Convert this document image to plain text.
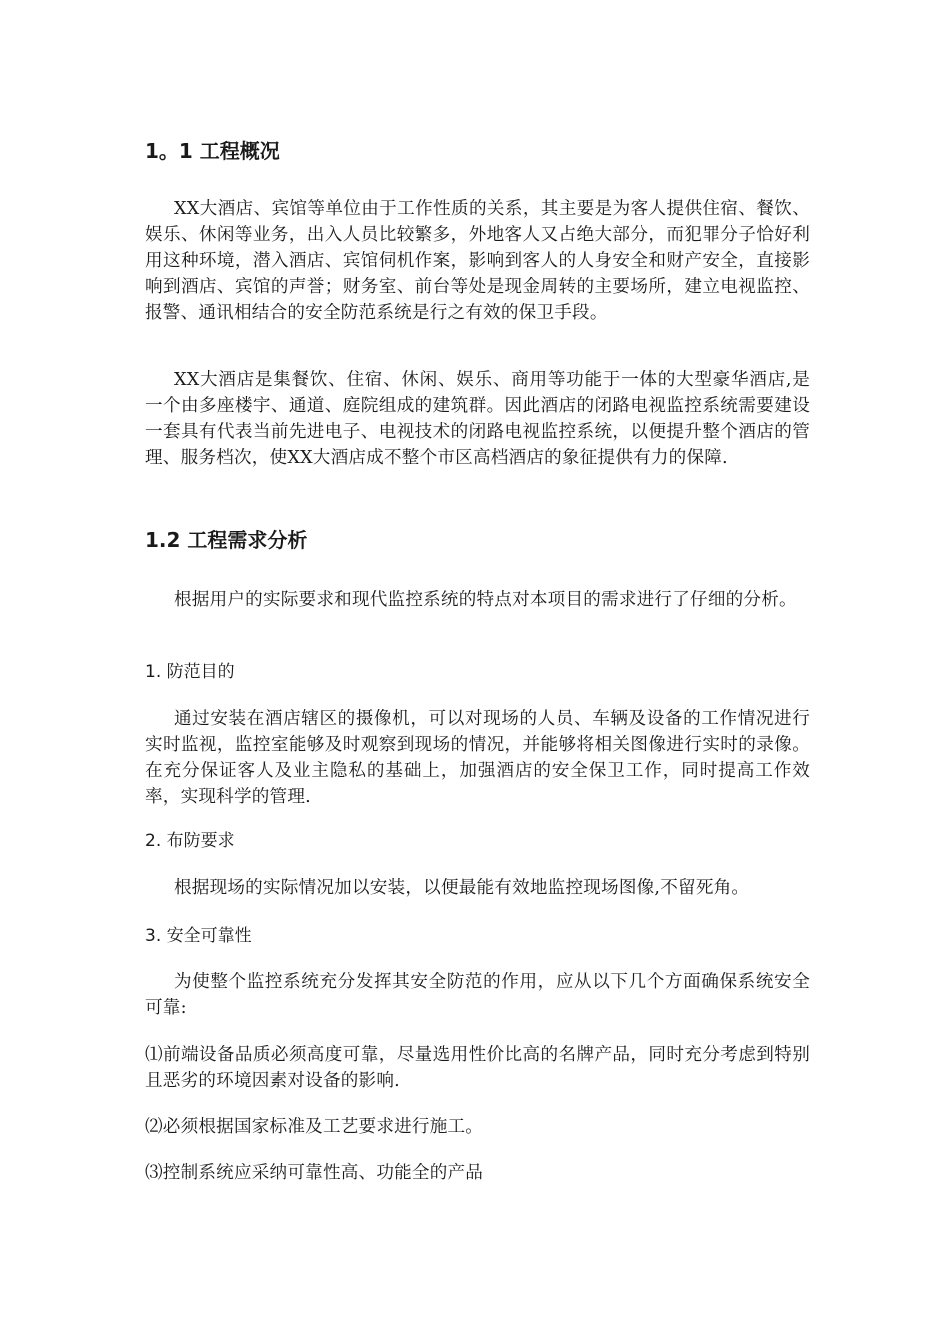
1。1 工程概况

XX大酒店、宾馆等单位由于工作性质的关系，其主要是为客人提供住宿、餐饮、娱乐、休闲等业务，出入人员比较繁多，外地客人又占绝大部分，而犯罪分子恰好利用这种环境，潜入酒店、宾馆伺机作案，影响到客人的人身安全和财产安全，直接影响到酒店、宾馆的声誉；财务室、前台等处是现金周转的主要场所，建立电视监控、报警、通讯相结合的安全防范系统是行之有效的保卫手段。

XX大酒店是集餐饮、住宿、休闲、娱乐、商用等功能于一体的大型豪华酒店,是一个由多座楼宇、通道、庭院组成的建筑群。因此酒店的闭路电视监控系统需要建设一套具有代表当前先进电子、电视技术的闭路电视监控系统，以便提升整个酒店的管理、服务档次，使XX大酒店成不整个市区高档酒店的象征提供有力的保障.

1.2 工程需求分析

根据用户的实际要求和现代监控系统的特点对本项目的需求进行了仔细的分析。

1. 防范目的

通过安装在酒店辖区的摄像机，可以对现场的人员、车辆及设备的工作情况进行实时监视，监控室能够及时观察到现场的情况，并能够将相关图像进行实时的录像。在充分保证客人及业主隐私的基础上，加强酒店的安全保卫工作，同时提高工作效率，实现科学的管理.

2. 布防要求

根据现场的实际情况加以安装，以便最能有效地监控现场图像,不留死角。

3. 安全可靠性

为使整个监控系统充分发挥其安全防范的作用，应从以下几个方面确保系统安全可靠:

⑴前端设备品质必须高度可靠，尽量选用性价比高的名牌产品，同时充分考虑到特别且恶劣的环境因素对设备的影响.

⑵必须根据国家标准及工艺要求进行施工。

⑶控制系统应采纳可靠性高、功能全的产品
